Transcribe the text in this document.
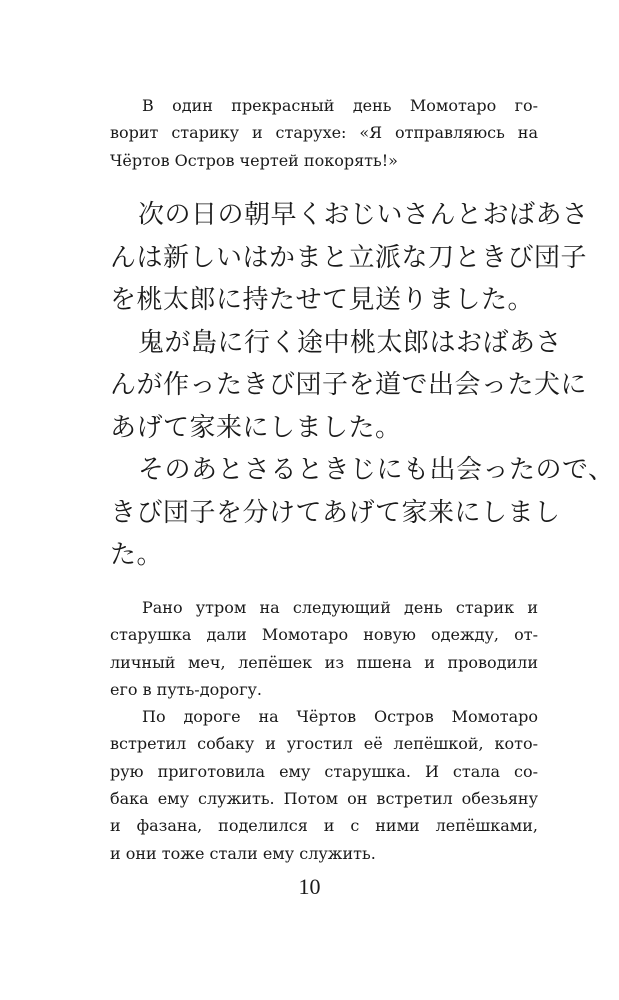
В один прекрасный день Момотаро го-
ворит старику и старухе: «Я отправляюсь на
Чёртов Остров чертей покорять!»
次の日の朝早くおじいさんとおばあさ
んは新しいはかまと立派な刀ときび団子
を桃太郎に持たせて見送りました。
鬼が島に行く途中桃太郎はおばあさ
んが作ったきび団子を道で出会った犬に
あげて家来にしました。
そのあとさるときじにも出会ったので、
きび団子を分けてあげて家来にしまし
た。
Рано утром на следующий день старик и
старушка дали Момотаро новую одежду, от-
личный меч, лепёшек из пшена и проводили
его в путь-дорогу.
По дороге на Чёртов Остров Момотаро
встретил собаку и угостил её лепёшкой, кото-
рую приготовила ему старушка. И стала со-
бака ему служить. Потом он встретил обезьяну
и фазана, поделился и с ними лепёшками,
и они тоже стали ему служить.
10
